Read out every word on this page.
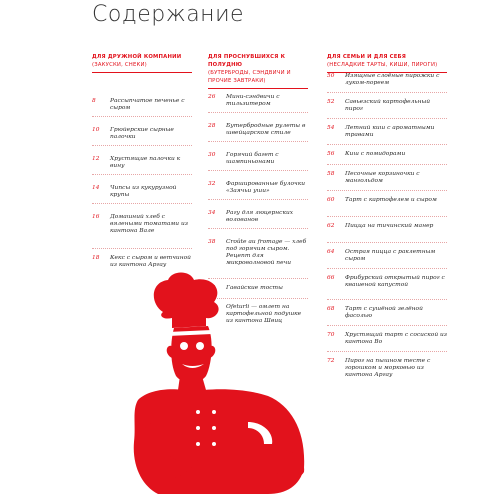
Содержание
ДЛЯ ДРУЖНОЙ КОМПАНИИ
(ЗАКУСКИ, СНЕКИ)
8 Рассыпчатое печенье с сыром
10 Грюйерские сырные палочки
12 Хрустящие палочки к вину
14 Чипсы из кукурузной крупы
16 Домашний хлеб с вялеными томатами из кантона Вале
18 Кекс с сыром и ветчиной из кантона Аргау
ДЛЯ ПРОСНУВШИХСЯ К ПОЛУДНЮ
(БУТЕРБРОДЫ, СЭНДВИЧИ И ПРОЧИЕ ЗАВТРАКИ)
26 Мини-сэндвичи с тильзитером
28 Бутербродные рулеты в швейцарском стиле
30 Горячий багет с шампиньонами
32 Фаршированные булочки «Заячьи уши»
34 Рагу для люцернских волованов
38 Croûte au fromage — хлеб под горячим сыром. Рецепт для микроволновой печи
Гавайские тосты
Ofeturli — омлет на картофельной подушке из кантона Швиц
ДЛЯ СЕМЬИ И ДЛЯ СЕБЯ
(НЕСЛАДКИЕ ТАРТЫ, КИШИ, ПИРОГИ)
50 Изящные слоёные пирожки с луком-пореем
52 Савьезский картофельный пирог
54 Летний киш с ароматными травами
56 Киш с помидорами
58 Песочные корзиночки с мангольдом
60 Тарт с картофелем и сыром
62 Пицца на тичинский манер
64 Острая пицца с раклетным сыром
66 Фрибурский открытый пирог с квашеной капустой
68 Тарт с сушёной зелёной фасолью
70 Хрустящий тарт с сосиской из кантона Во
72 Пирог на пышном тесте с горошком и морковью из кантона Аргау
